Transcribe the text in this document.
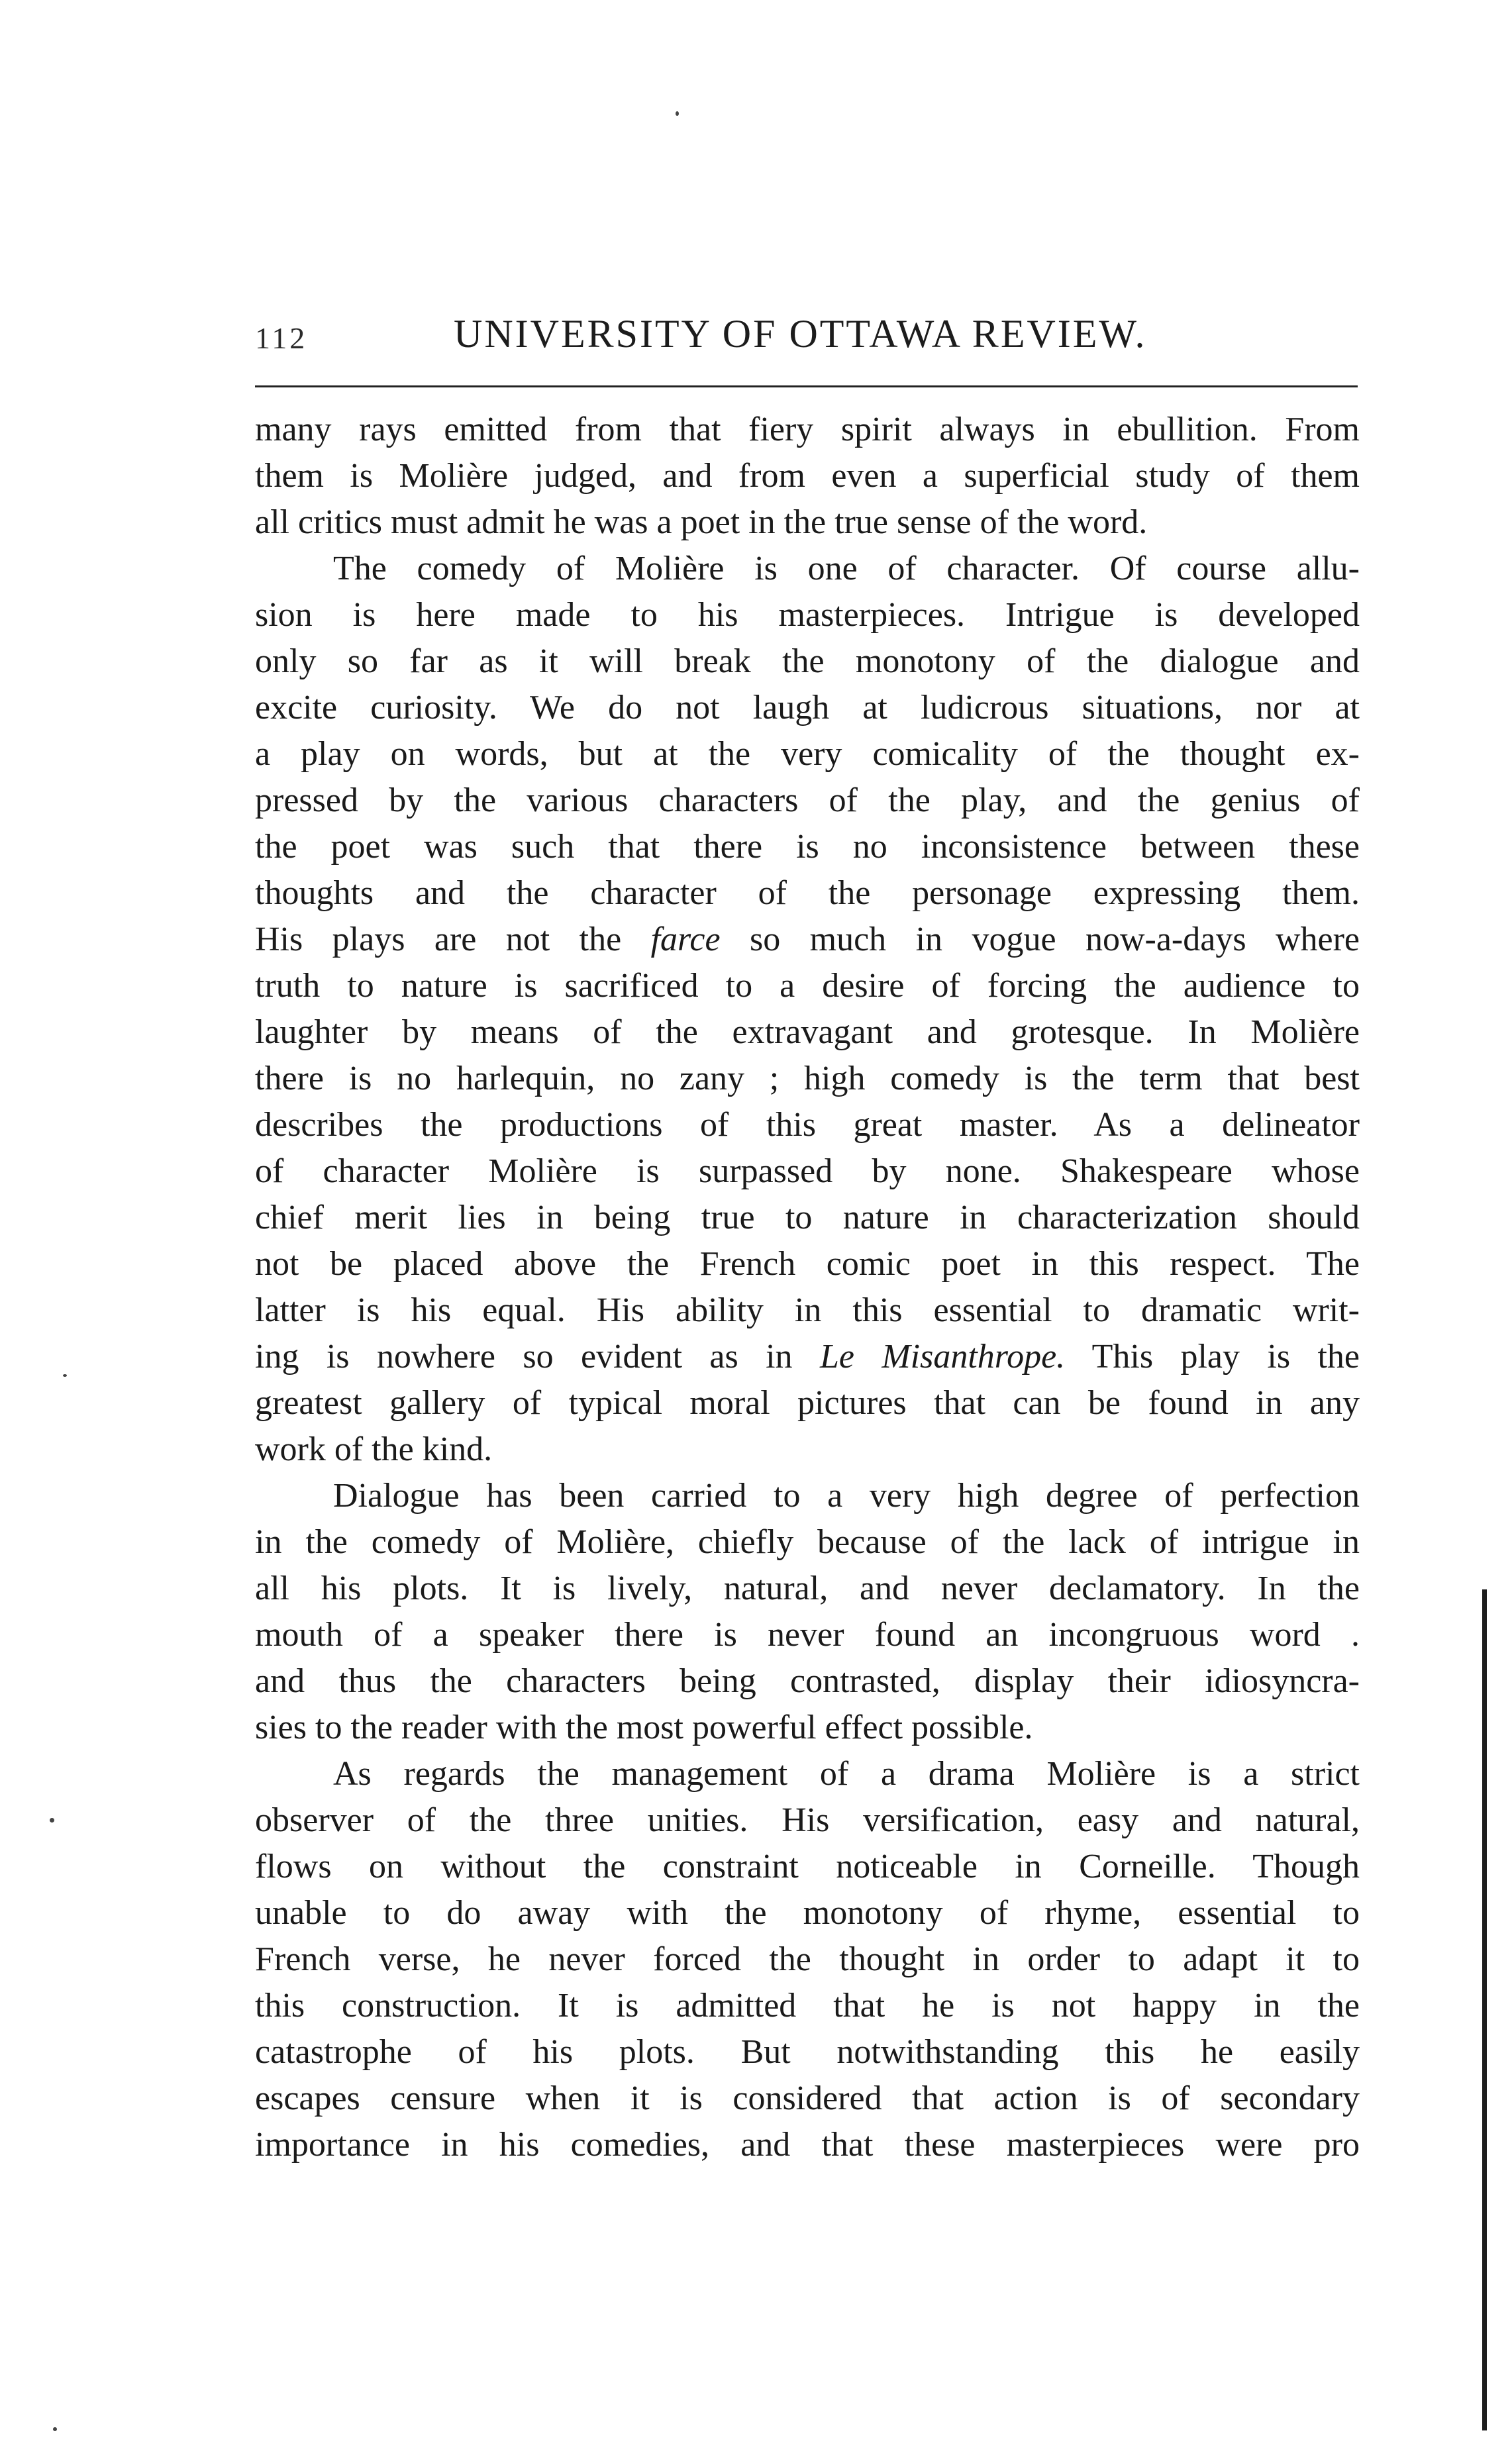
112	UNIVERSITY OF OTTAWA REVIEW.
many rays emitted from that fiery spirit always in ebullition. From
them is Molière judged, and from even a superficial study of them
all critics must admit he was a poet in the true sense of the word.
The comedy of Molière is one of character. Of course allu-
sion is here made to his masterpieces. Intrigue is developed
only so far as it will break the monotony of the dialogue and
excite curiosity. We do not laugh at ludicrous situations, nor at
a play on words, but at the very comicality of the thought ex-
pressed by the various characters of the play, and the genius of
the poet was such that there is no inconsistence between these
thoughts and the character of the personage expressing them.
His plays are not the farce so much in vogue now-a-days where
truth to nature is sacrificed to a desire of forcing the audience to
laughter by means of the extravagant and grotesque. In Molière
there is no harlequin, no zany ; high comedy is the term that best
describes the productions of this great master. As a delineator
of character Molière is surpassed by none. Shakespeare whose
chief merit lies in being true to nature in characterization should
not be placed above the French comic poet in this respect. The
latter is his equal. His ability in this essential to dramatic writ-
ing is nowhere so evident as in Le Misanthrope. This play is the
greatest gallery of typical moral pictures that can be found in any
work of the kind.
Dialogue has been carried to a very high degree of perfection
in the comedy of Molière, chiefly because of the lack of intrigue in
all his plots. It is lively, natural, and never declamatory. In the
mouth of a speaker there is never found an incongruous word .
and thus the characters being contrasted, display their idiosyncra-
sies to the reader with the most powerful effect possible.
As regards the management of a drama Molière is a strict
observer of the three unities. His versification, easy and natural,
flows on without the constraint noticeable in Corneille. Though
unable to do away with the monotony of rhyme, essential to
French verse, he never forced the thought in order to adapt it to
this construction. It is admitted that he is not happy in the
catastrophe of his plots. But notwithstanding this he easily
escapes censure when it is considered that action is of secondary
importance in his comedies, and that these masterpieces were pro
